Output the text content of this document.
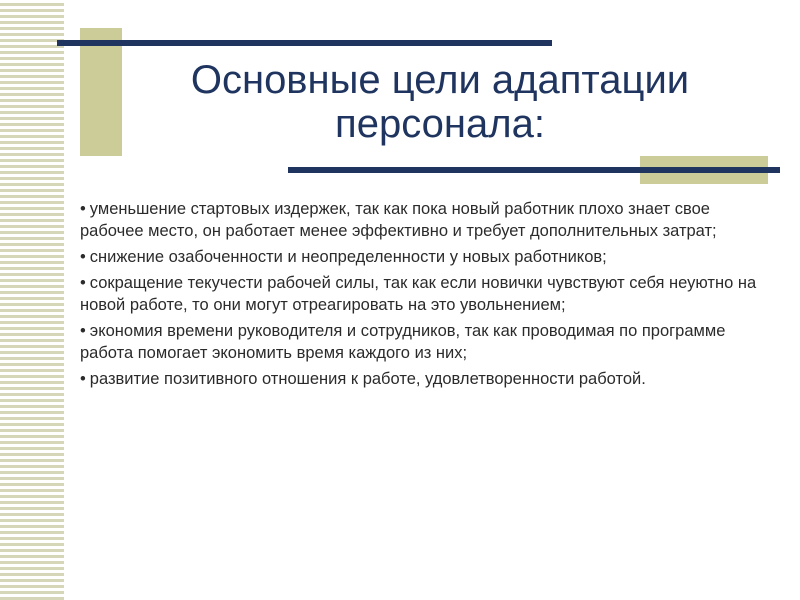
Основные цели адаптации персонала:
• уменьшение стартовых издержек, так как пока новый работник плохо знает свое рабочее место, он работает менее эффективно и требует дополнительных затрат;
• снижение озабоченности и неопределенности у новых работников;
• сокращение текучести рабочей силы, так как если новички чувствуют себя неуютно на новой работе, то они могут отреагировать на это увольнением;
• экономия времени руководителя и сотрудников, так как проводимая по программе работа помогает экономить время каждого из них;
• развитие позитивного отношения к работе, удовлетворенности работой.
